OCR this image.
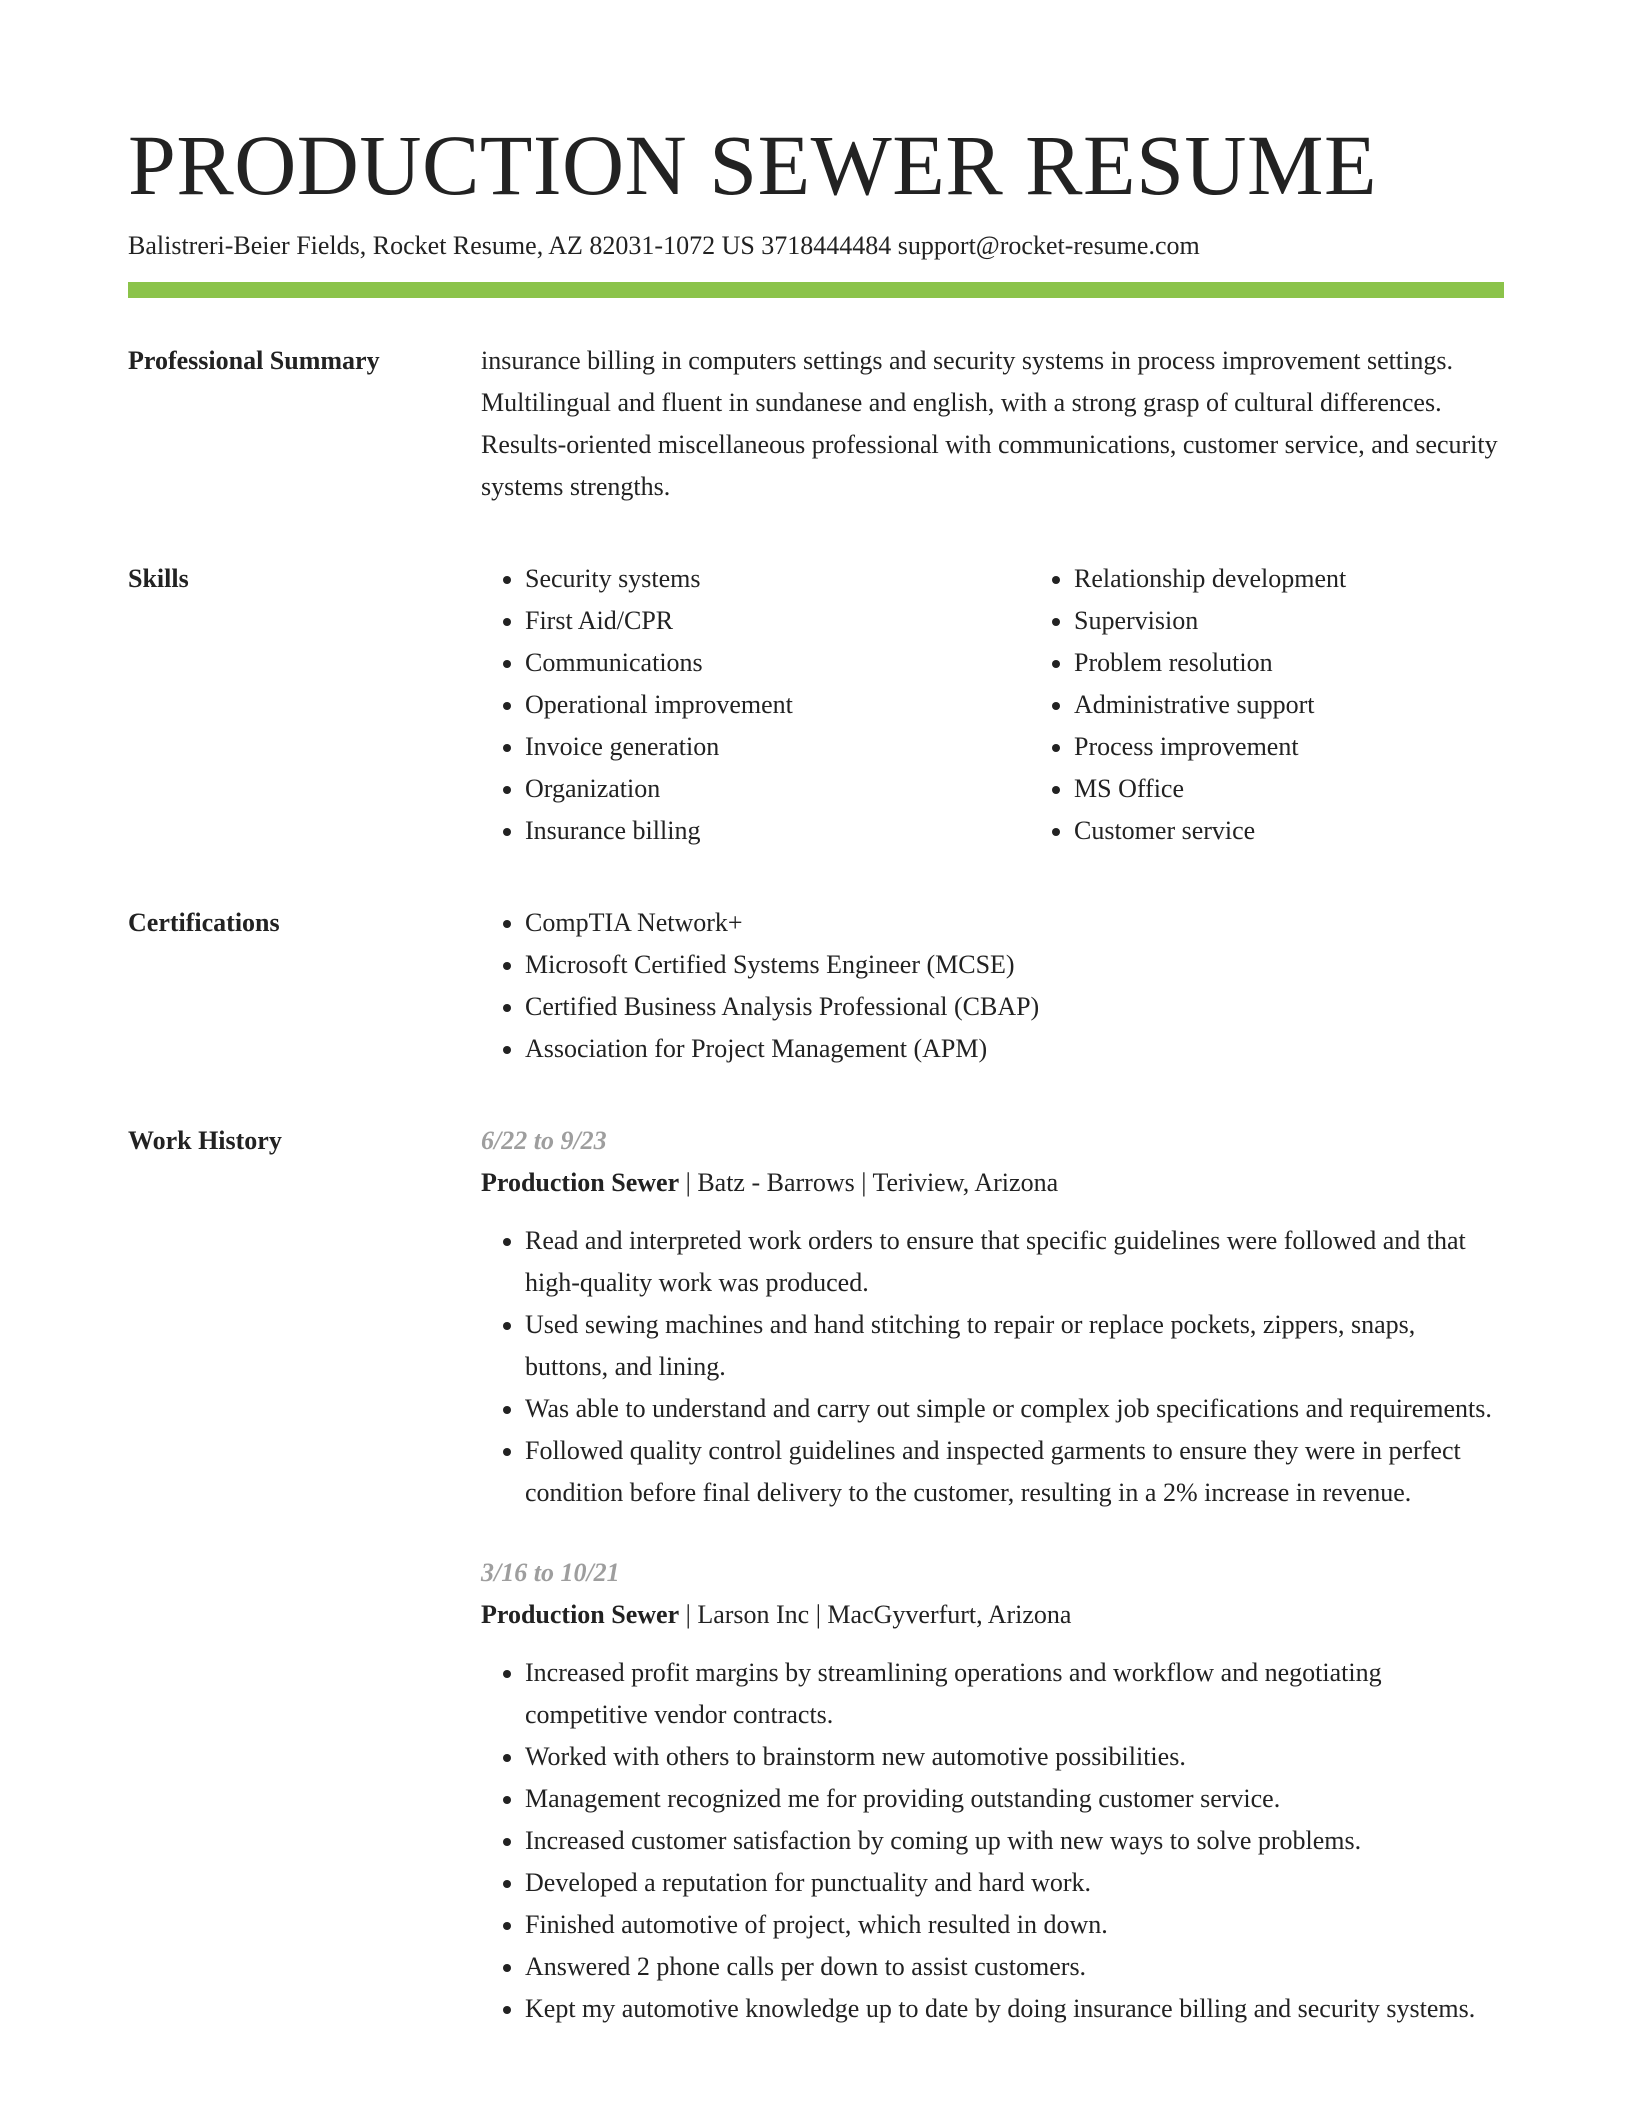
PRODUCTION SEWER RESUME
Balistreri-Beier Fields, Rocket Resume, AZ 82031-1072 US 3718444484 support@rocket-resume.com
Professional Summary	insurance billing in computers settings and security systems in process improvement settings. Multilingual and fluent in sundanese and english, with a strong grasp of cultural differences. Results-oriented miscellaneous professional with communications, customer service, and security systems strengths.

Skills	• Security systems
• First Aid/CPR
• Communications
• Operational improvement
• Invoice generation
• Organization
• Insurance billing
• Relationship development
• Supervision
• Problem resolution
• Administrative support
• Process improvement
• MS Office
• Customer service
Certifications	• CompTIA Network+
• Microsoft Certified Systems Engineer (MCSE)
• Certified Business Analysis Professional (CBAP)
• Association for Project Management (APM)
Work History	6/22 to 9/23
Production Sewer | Batz - Barrows | Teriview, Arizona
• Read and interpreted work orders to ensure that specific guidelines were followed and that high-quality work was produced.
• Used sewing machines and hand stitching to repair or replace pockets, zippers, snaps, buttons, and lining.
• Was able to understand and carry out simple or complex job specifications and requirements.
• Followed quality control guidelines and inspected garments to ensure they were in perfect condition before final delivery to the customer, resulting in a 2% increase in revenue.
3/16 to 10/21
Production Sewer | Larson Inc | MacGyverfurt, Arizona
• Increased profit margins by streamlining operations and workflow and negotiating competitive vendor contracts.
• Worked with others to brainstorm new automotive possibilities.
• Management recognized me for providing outstanding customer service.
• Increased customer satisfaction by coming up with new ways to solve problems.
• Developed a reputation for punctuality and hard work.
• Finished automotive of project, which resulted in down.
• Answered 2 phone calls per down to assist customers.
• Kept my automotive knowledge up to date by doing insurance billing and security systems.
